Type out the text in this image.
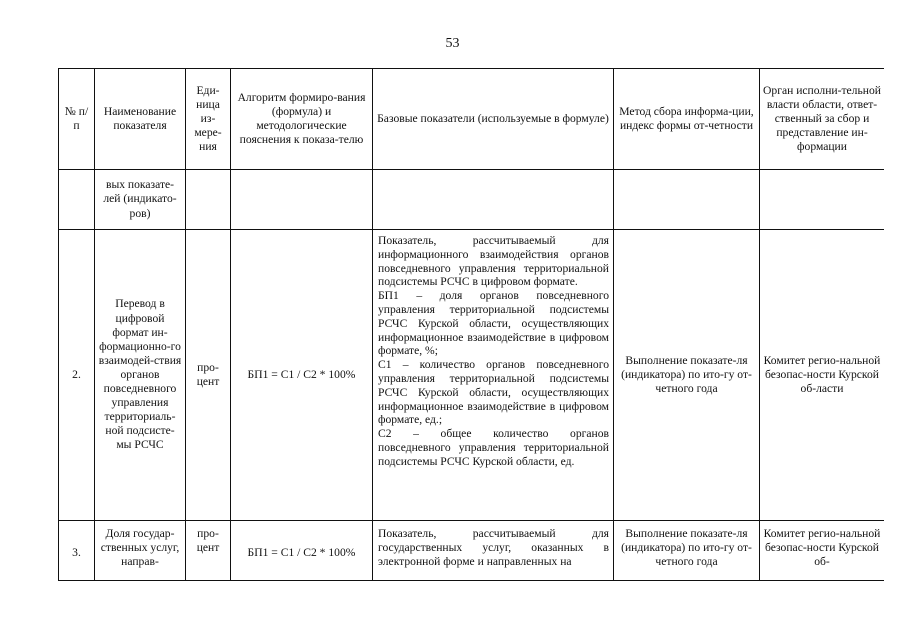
53
№ п/п	Наименование показателя	Еди-ница из-мере-ния	Алгоритм формиро-вания (формула) и методологические пояснения к показа-телю	Базовые показатели (используемые в формуле)	Метод сбора информа-ции, индекс формы от-четности	Орган исполни-тельной власти области, ответ-ственный за сбор и представление ин-формации
	вых показате-лей (индикато-ров)					
2.	Перевод в цифровой формат ин-формационно-го взаимодей-ствия органов повседневного управления территориаль-ной подсисте-мы РСЧС	про-цент	БП1 = С1 / С2 * 100%	Показатель, рассчитываемый для информационного взаимодействия органов повседневного управления территориальной подсистемы РСЧС в цифровом формате.

БП1 – доля органов повседневного управления территориальной подсистемы РСЧС Курской области, осуществляющих информационное взаимодействие в цифровом формате, %;

С1 – количество органов повседневного управления территориальной подсистемы РСЧС Курской области, осуществляющих информационное взаимодействие в цифровом формате, ед.;

С2 – общее количество органов повседневного управления территориальной подсистемы РСЧС Курской области, ед.	Выполнение показате-ля (индикатора) по ито-гу от-четного года	Комитет регио-нальной безопас-ности Курской об-ласти
3.	Доля государ-ственных услуг, направ-	про-цент	БП1 = С1 / С2 * 100%	Показатель, рассчитываемый для государственных услуг, оказанных в электронной форме и направленных на	Выполнение показате-ля (индикатора) по ито-гу от-четного года	Комитет регио-нальной безопас-ности Курской об-
